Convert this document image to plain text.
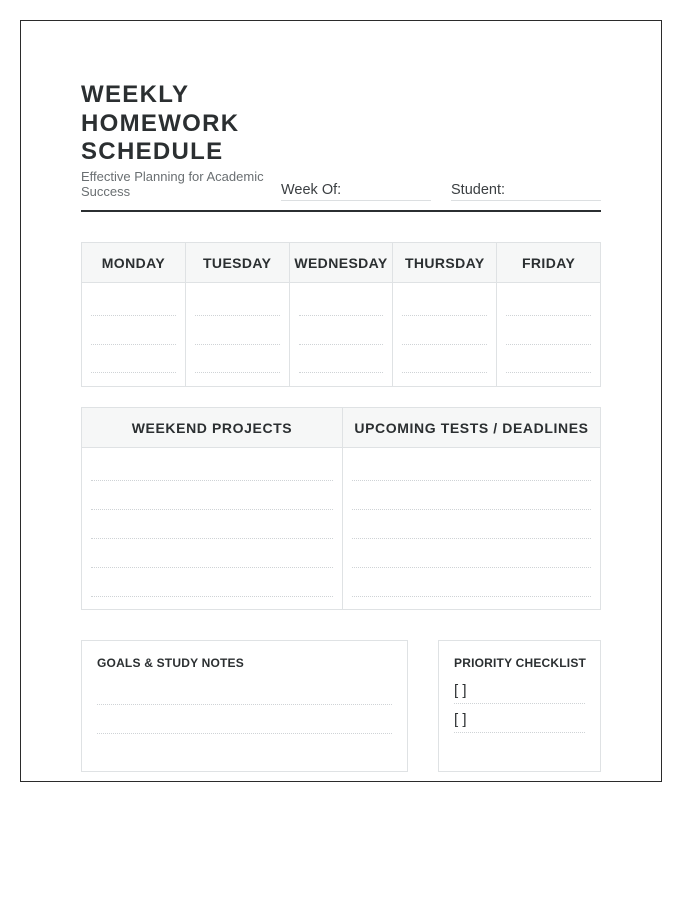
WEEKLY
HOMEWORK
SCHEDULE
Effective Planning for Academic Success	Week Of:	Student:
MONDAY	TUESDAY	WEDNESDAY	THURSDAY	FRIDAY
WEEKEND PROJECTS	UPCOMING TESTS / DEADLINES
GOALS & STUDY NOTES	PRIORITY CHECKLIST
[ ]
[ ]
